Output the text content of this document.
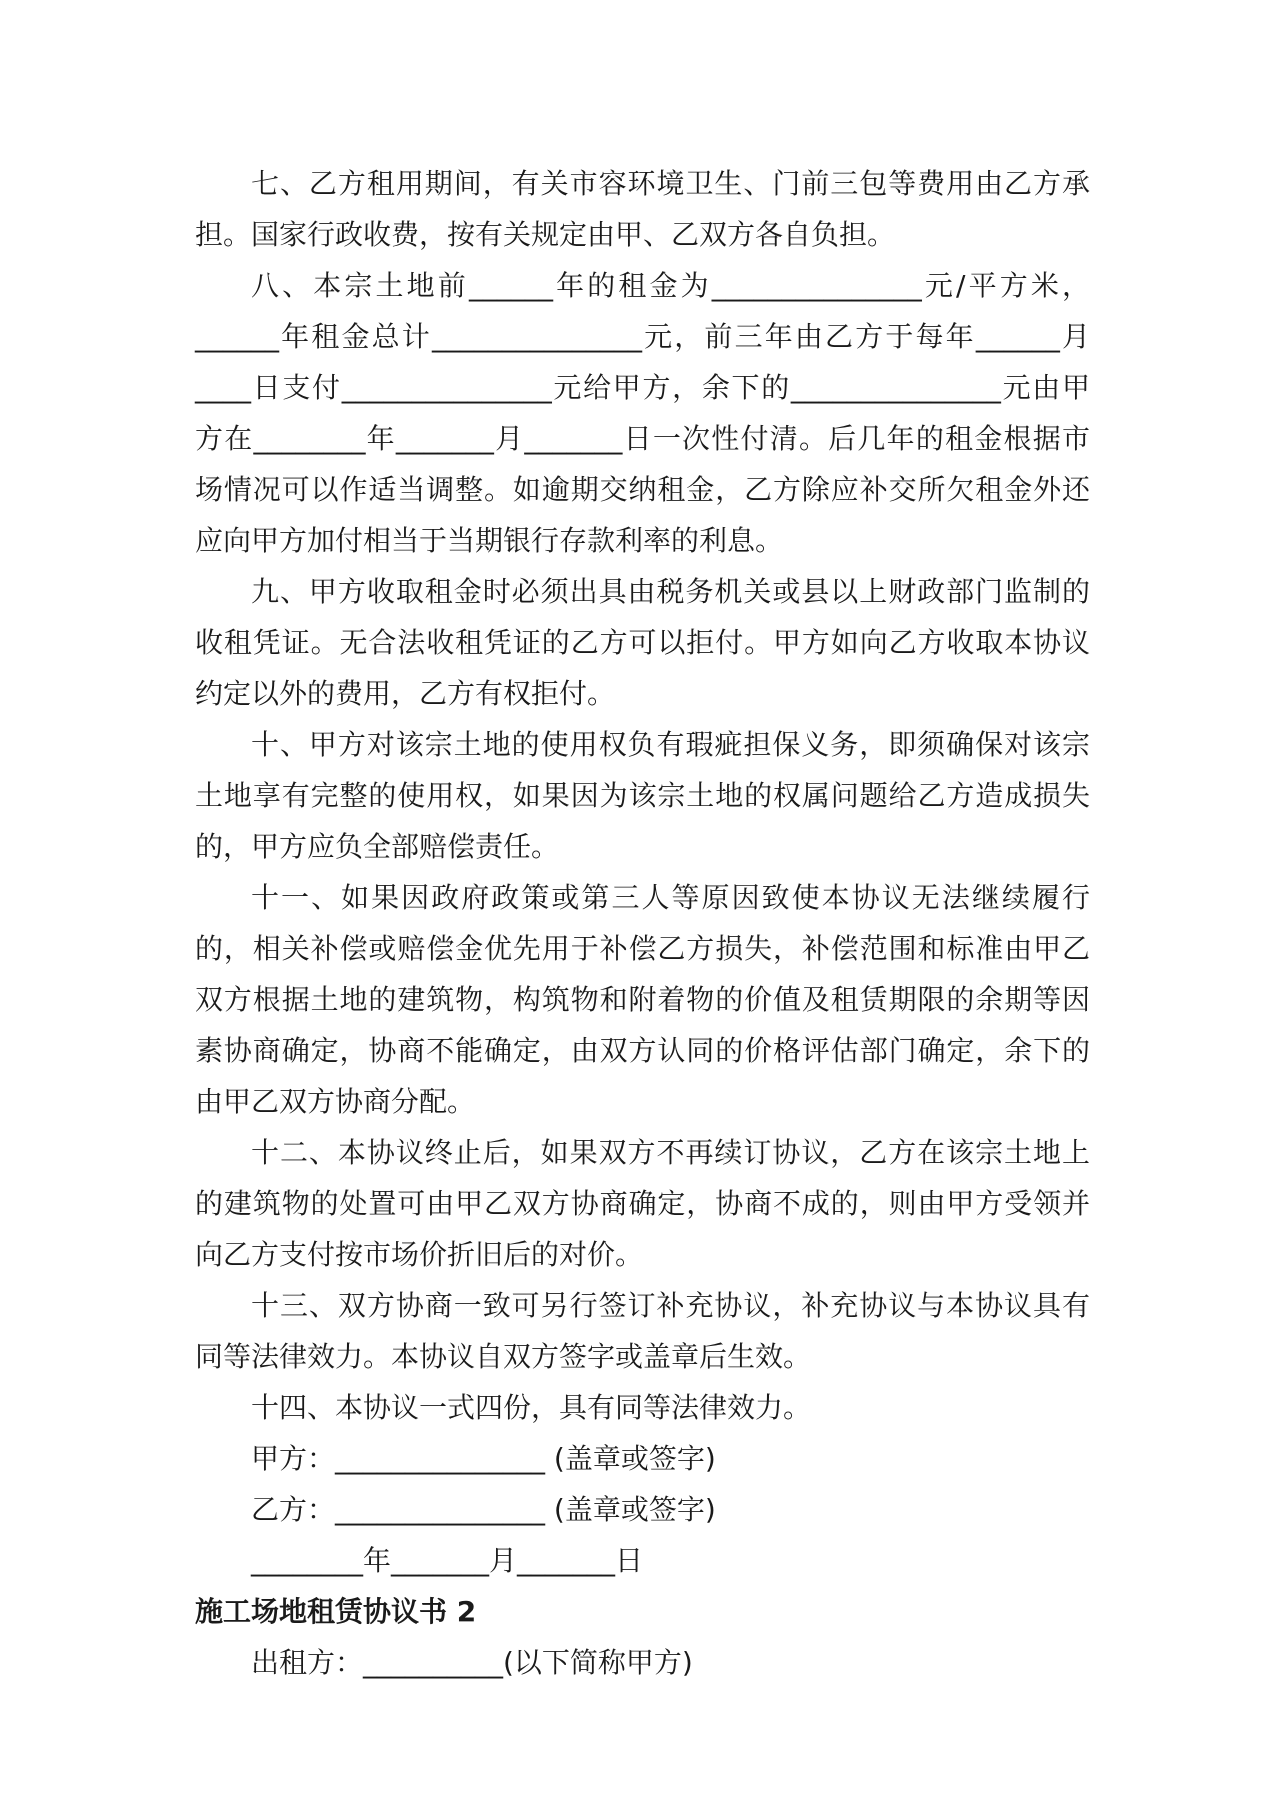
七、乙方租用期间，有关市容环境卫生、门前三包等费用由乙方承担。国家行政收费，按有关规定由甲、乙双方各自负担。

八、本宗土地前______年的租金为_______________元/平方米，______年租金总计_______________元，前三年由乙方于每年______月____日支付_______________元给甲方，余下的_______________元由甲方在________年_______月_______日一次性付清。后几年的租金根据市场情况可以作适当调整。如逾期交纳租金，乙方除应补交所欠租金外还应向甲方加付相当于当期银行存款利率的利息。

九、甲方收取租金时必须出具由税务机关或县以上财政部门监制的收租凭证。无合法收租凭证的乙方可以拒付。甲方如向乙方收取本协议约定以外的费用，乙方有权拒付。

十、甲方对该宗土地的使用权负有瑕疵担保义务，即须确保对该宗土地享有完整的使用权，如果因为该宗土地的权属问题给乙方造成损失的，甲方应负全部赔偿责任。

十一、如果因政府政策或第三人等原因致使本协议无法继续履行的，相关补偿或赔偿金优先用于补偿乙方损失，补偿范围和标准由甲乙双方根据土地的建筑物，构筑物和附着物的价值及租赁期限的余期等因素协商确定，协商不能确定，由双方认同的价格评估部门确定，余下的由甲乙双方协商分配。

十二、本协议终止后，如果双方不再续订协议，乙方在该宗土地上的建筑物的处置可由甲乙双方协商确定，协商不成的，则由甲方受领并向乙方支付按市场价折旧后的对价。

十三、双方协商一致可另行签订补充协议，补充协议与本协议具有同等法律效力。本协议自双方签字或盖章后生效。

十四、本协议一式四份，具有同等法律效力。

甲方：_______________ (盖章或签字)

乙方：_______________ (盖章或签字)

________年_______月_______日

施工场地租赁协议书 2

出租方：__________(以下简称甲方)
